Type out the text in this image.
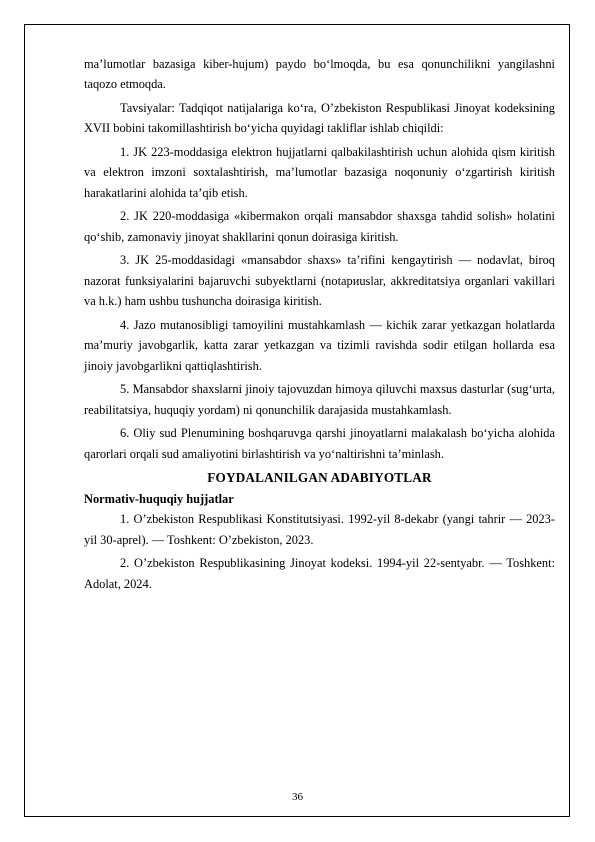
ma’lumotlar bazasiga kiber-hujum) paydo bo‘lmoqda, bu esa qonunchilikni yangilashni taqozo etmoqda.

Tavsiyalar: Tadqiqot natijalariga ko‘ra, O’zbekiston Respublikasi Jinoyat kodeksining XVII bobini takomillashtirish bo‘yicha quyidagi takliflar ishlab chiqildi:

1. JK 223-moddasiga elektron hujjatlarni qalbakilashtirish uchun alohida qism kiritish va elektron imzoni soxtalashtirish, ma’lumotlar bazasiga noqonuniy o‘zgartirish kiritish harakatlarini alohida ta’qib etish.

2. JK 220-moddasiga «kibermakon orqali mansabdor shaxsga tahdid solish» holatini qo‘shib, zamonaviy jinoyat shakllarini qonun doirasiga kiritish.

3. JK 25-moddasidagi «mansabdor shaxs» ta’rifini kengaytirish — nodavlat, biroq nazorat funksiyalarini bajaruvchi subyektlarni (notapиuslar, akkreditatsiya organlari vakillari va h.k.) ham ushbu tushuncha doirasiga kiritish.

4. Jazo mutanosibligi tamoyilini mustahkamlash — kichik zarar yetkazgan holatlarda ma’muriy javobgarlik, katta zarar yetkazgan va tizimli ravishda sodir etilgan hollarda esa jinoiy javobgarlikni qattiqlashtirish.

5. Mansabdor shaxslarni jinoiy tajovuzdan himoya qiluvchi maxsus dasturlar (sug‘urta, reabilitatsiya, huquqiy yordam) ni qonunchilik darajasida mustahkamlash.

6. Oliy sud Plenumining boshqaruvga qarshi jinoyatlarni malakalash bo‘yicha alohida qarorlari orqali sud amaliyotini birlashtirish va yo‘naltirishni ta’minlash.

FOYDALANILGAN ADABIYOTLAR
Normativ-huquqiy hujjatlar

1. O’zbekiston Respublikasi Konstitutsiyasi. 1992-yil 8-dekabr (yangi tahrir — 2023-yil 30-aprel). — Toshkent: O’zbekiston, 2023.

2. O’zbekiston Respublikasining Jinoyat kodeksi. 1994-yil 22-sentyabr. — Toshkent: Adolat, 2024.

36
